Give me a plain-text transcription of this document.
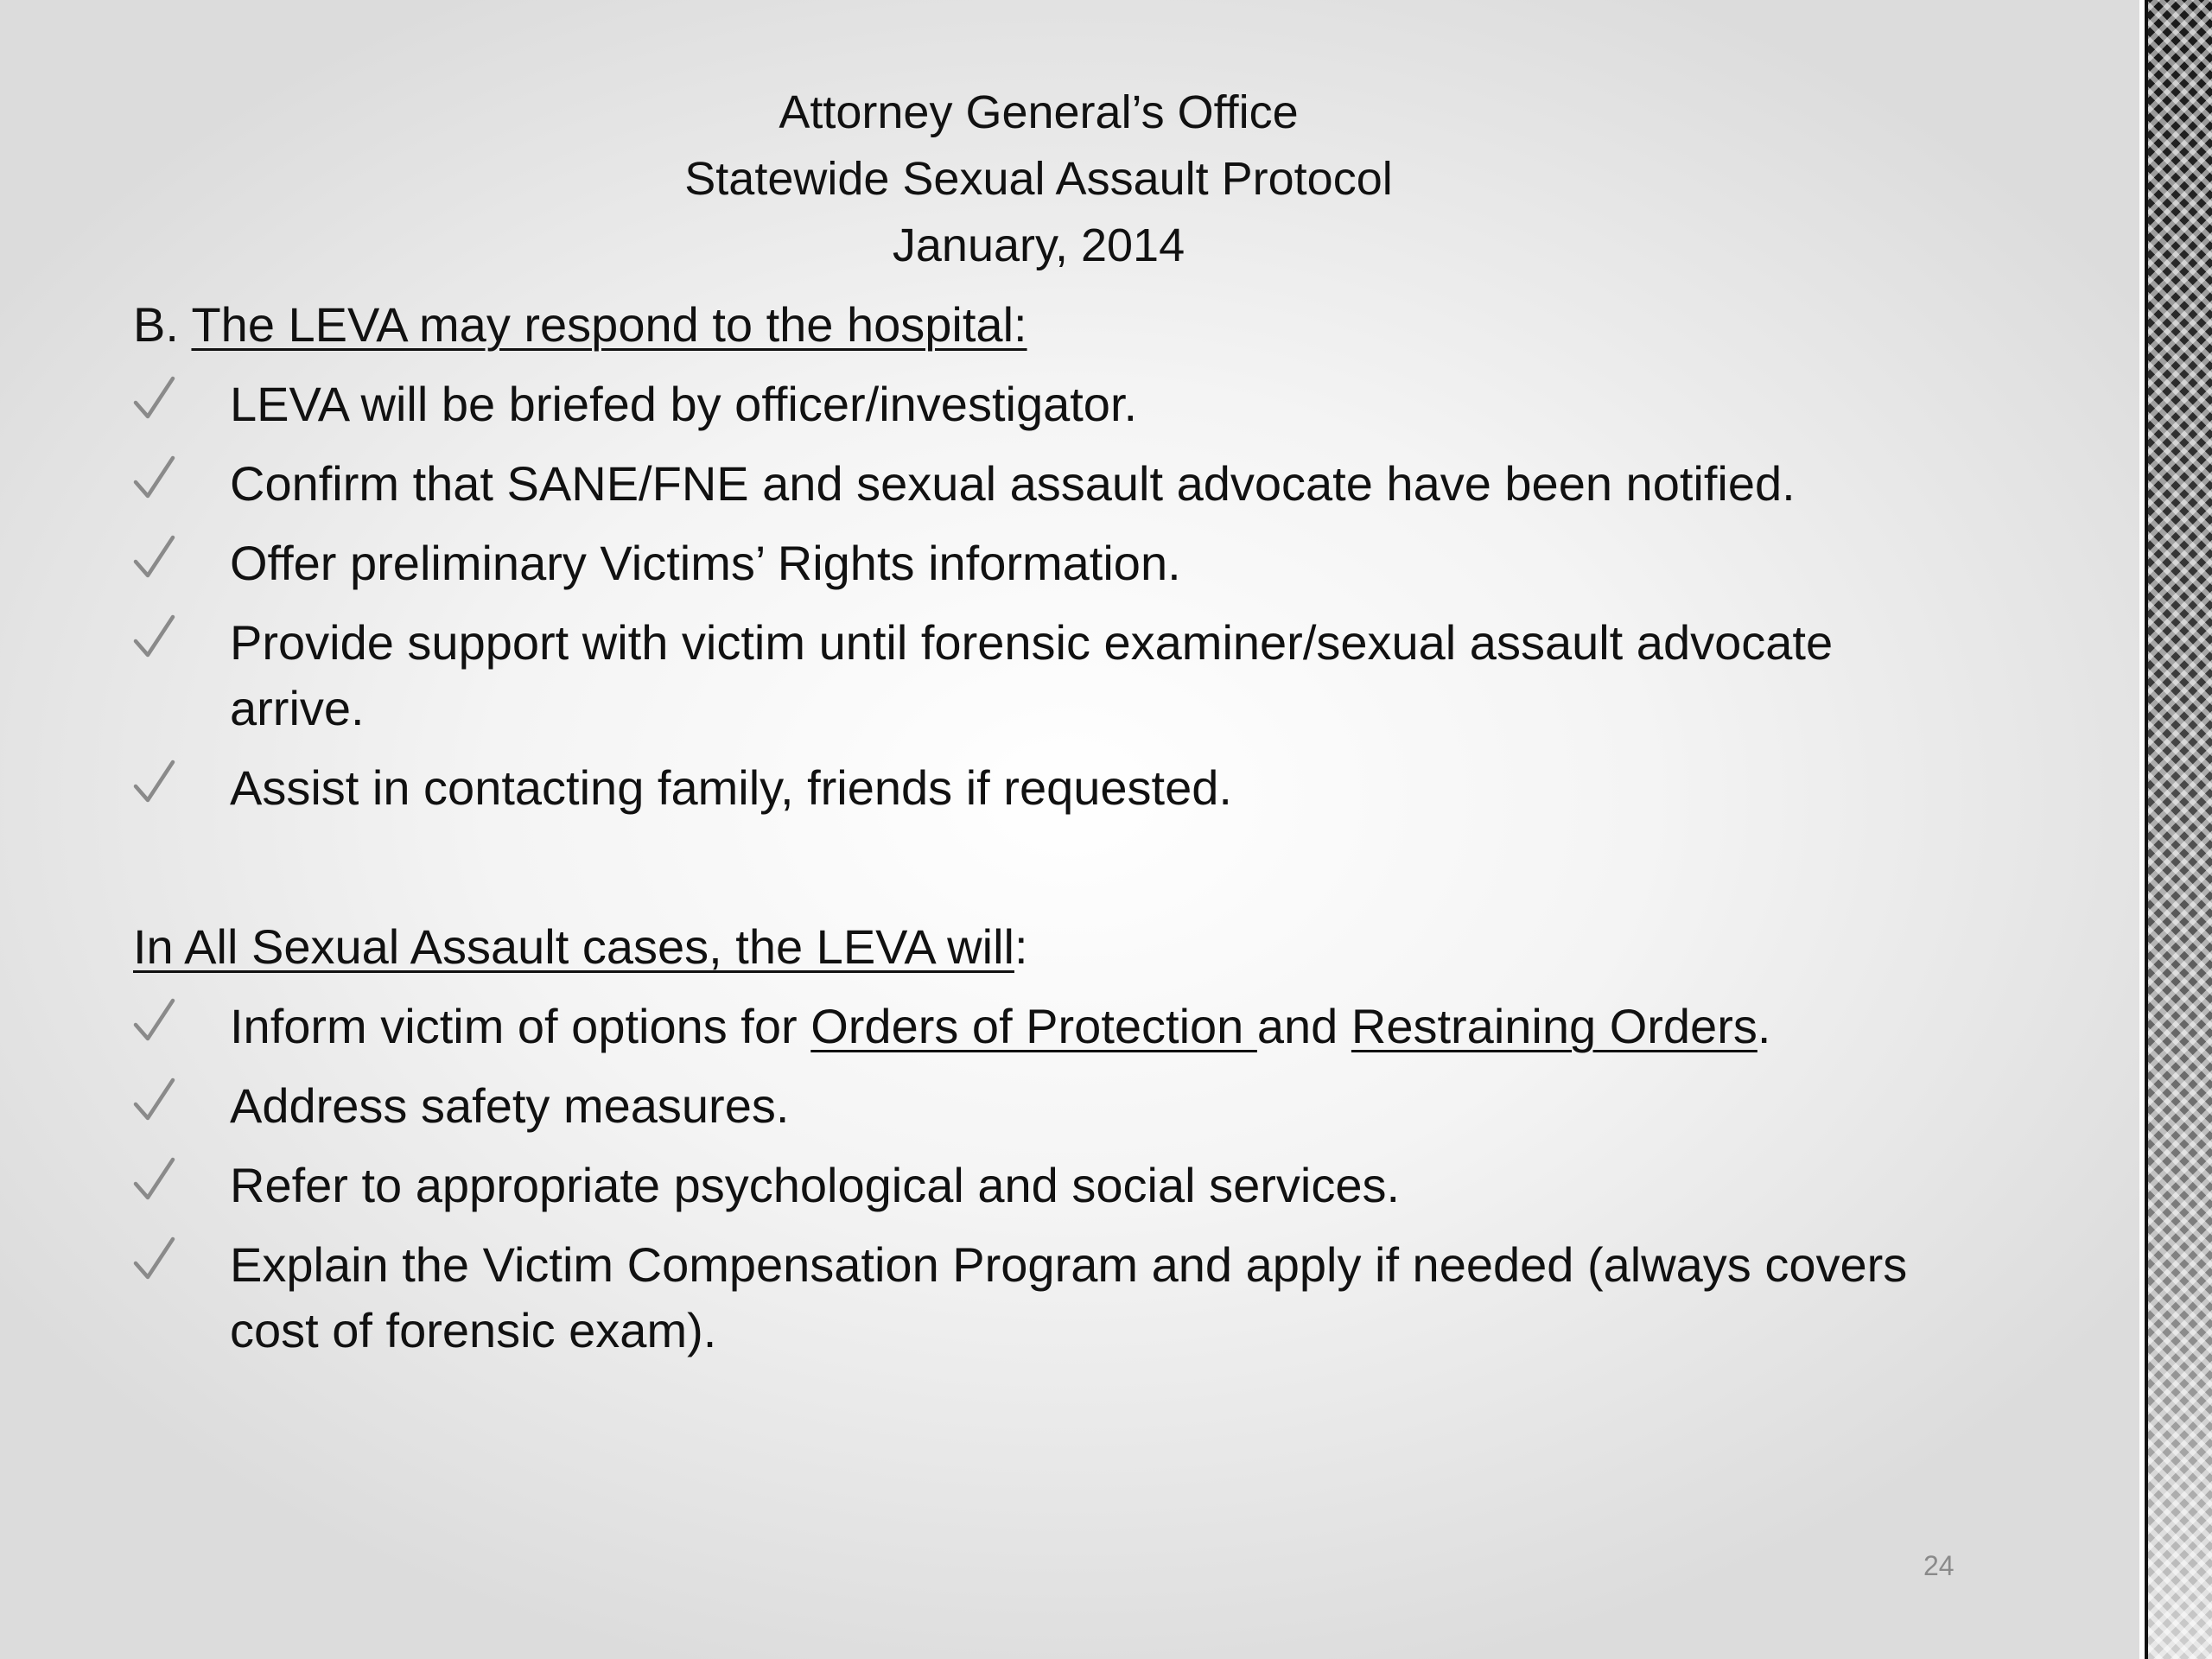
Attorney General’s Office
Statewide Sexual Assault Protocol
January, 2014
B. The LEVA may respond to the hospital:
LEVA will be briefed by officer/investigator.
Confirm that SANE/FNE and sexual assault advocate have been notified.
Offer preliminary Victims’ Rights information.
Provide support with victim until forensic examiner/sexual assault advocate arrive.
Assist in contacting family, friends if requested.
In All Sexual Assault cases, the LEVA will:
Inform victim of options for Orders of Protection and Restraining Orders.
Address safety measures.
Refer to appropriate psychological and social services.
Explain the Victim Compensation Program and apply if needed (always covers cost of forensic exam).
24
